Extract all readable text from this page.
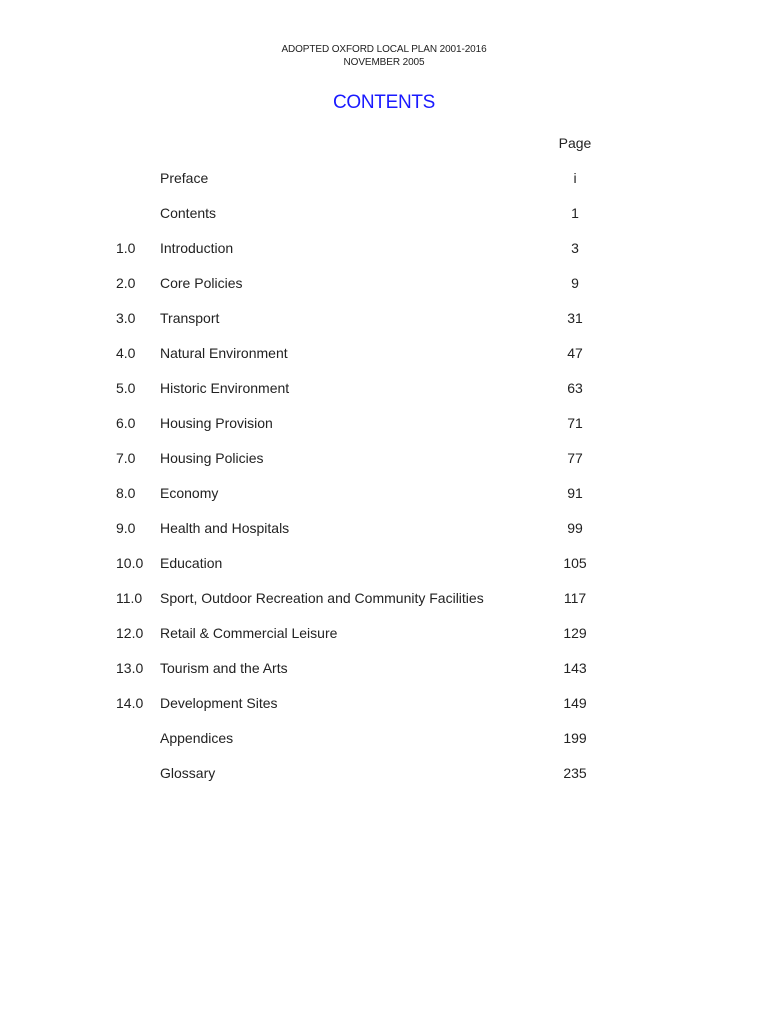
ADOPTED OXFORD LOCAL PLAN 2001-2016
NOVEMBER 2005
CONTENTS
Page
Preface	i
Contents	1
1.0	Introduction	3
2.0	Core Policies	9
3.0	Transport	31
4.0	Natural Environment	47
5.0	Historic Environment	63
6.0	Housing Provision	71
7.0	Housing Policies	77
8.0	Economy	91
9.0	Health and Hospitals	99
10.0	Education	105
11.0	Sport, Outdoor Recreation and Community Facilities	117
12.0	Retail & Commercial Leisure	129
13.0	Tourism and the Arts	143
14.0	Development Sites	149
Appendices	199
Glossary	235
